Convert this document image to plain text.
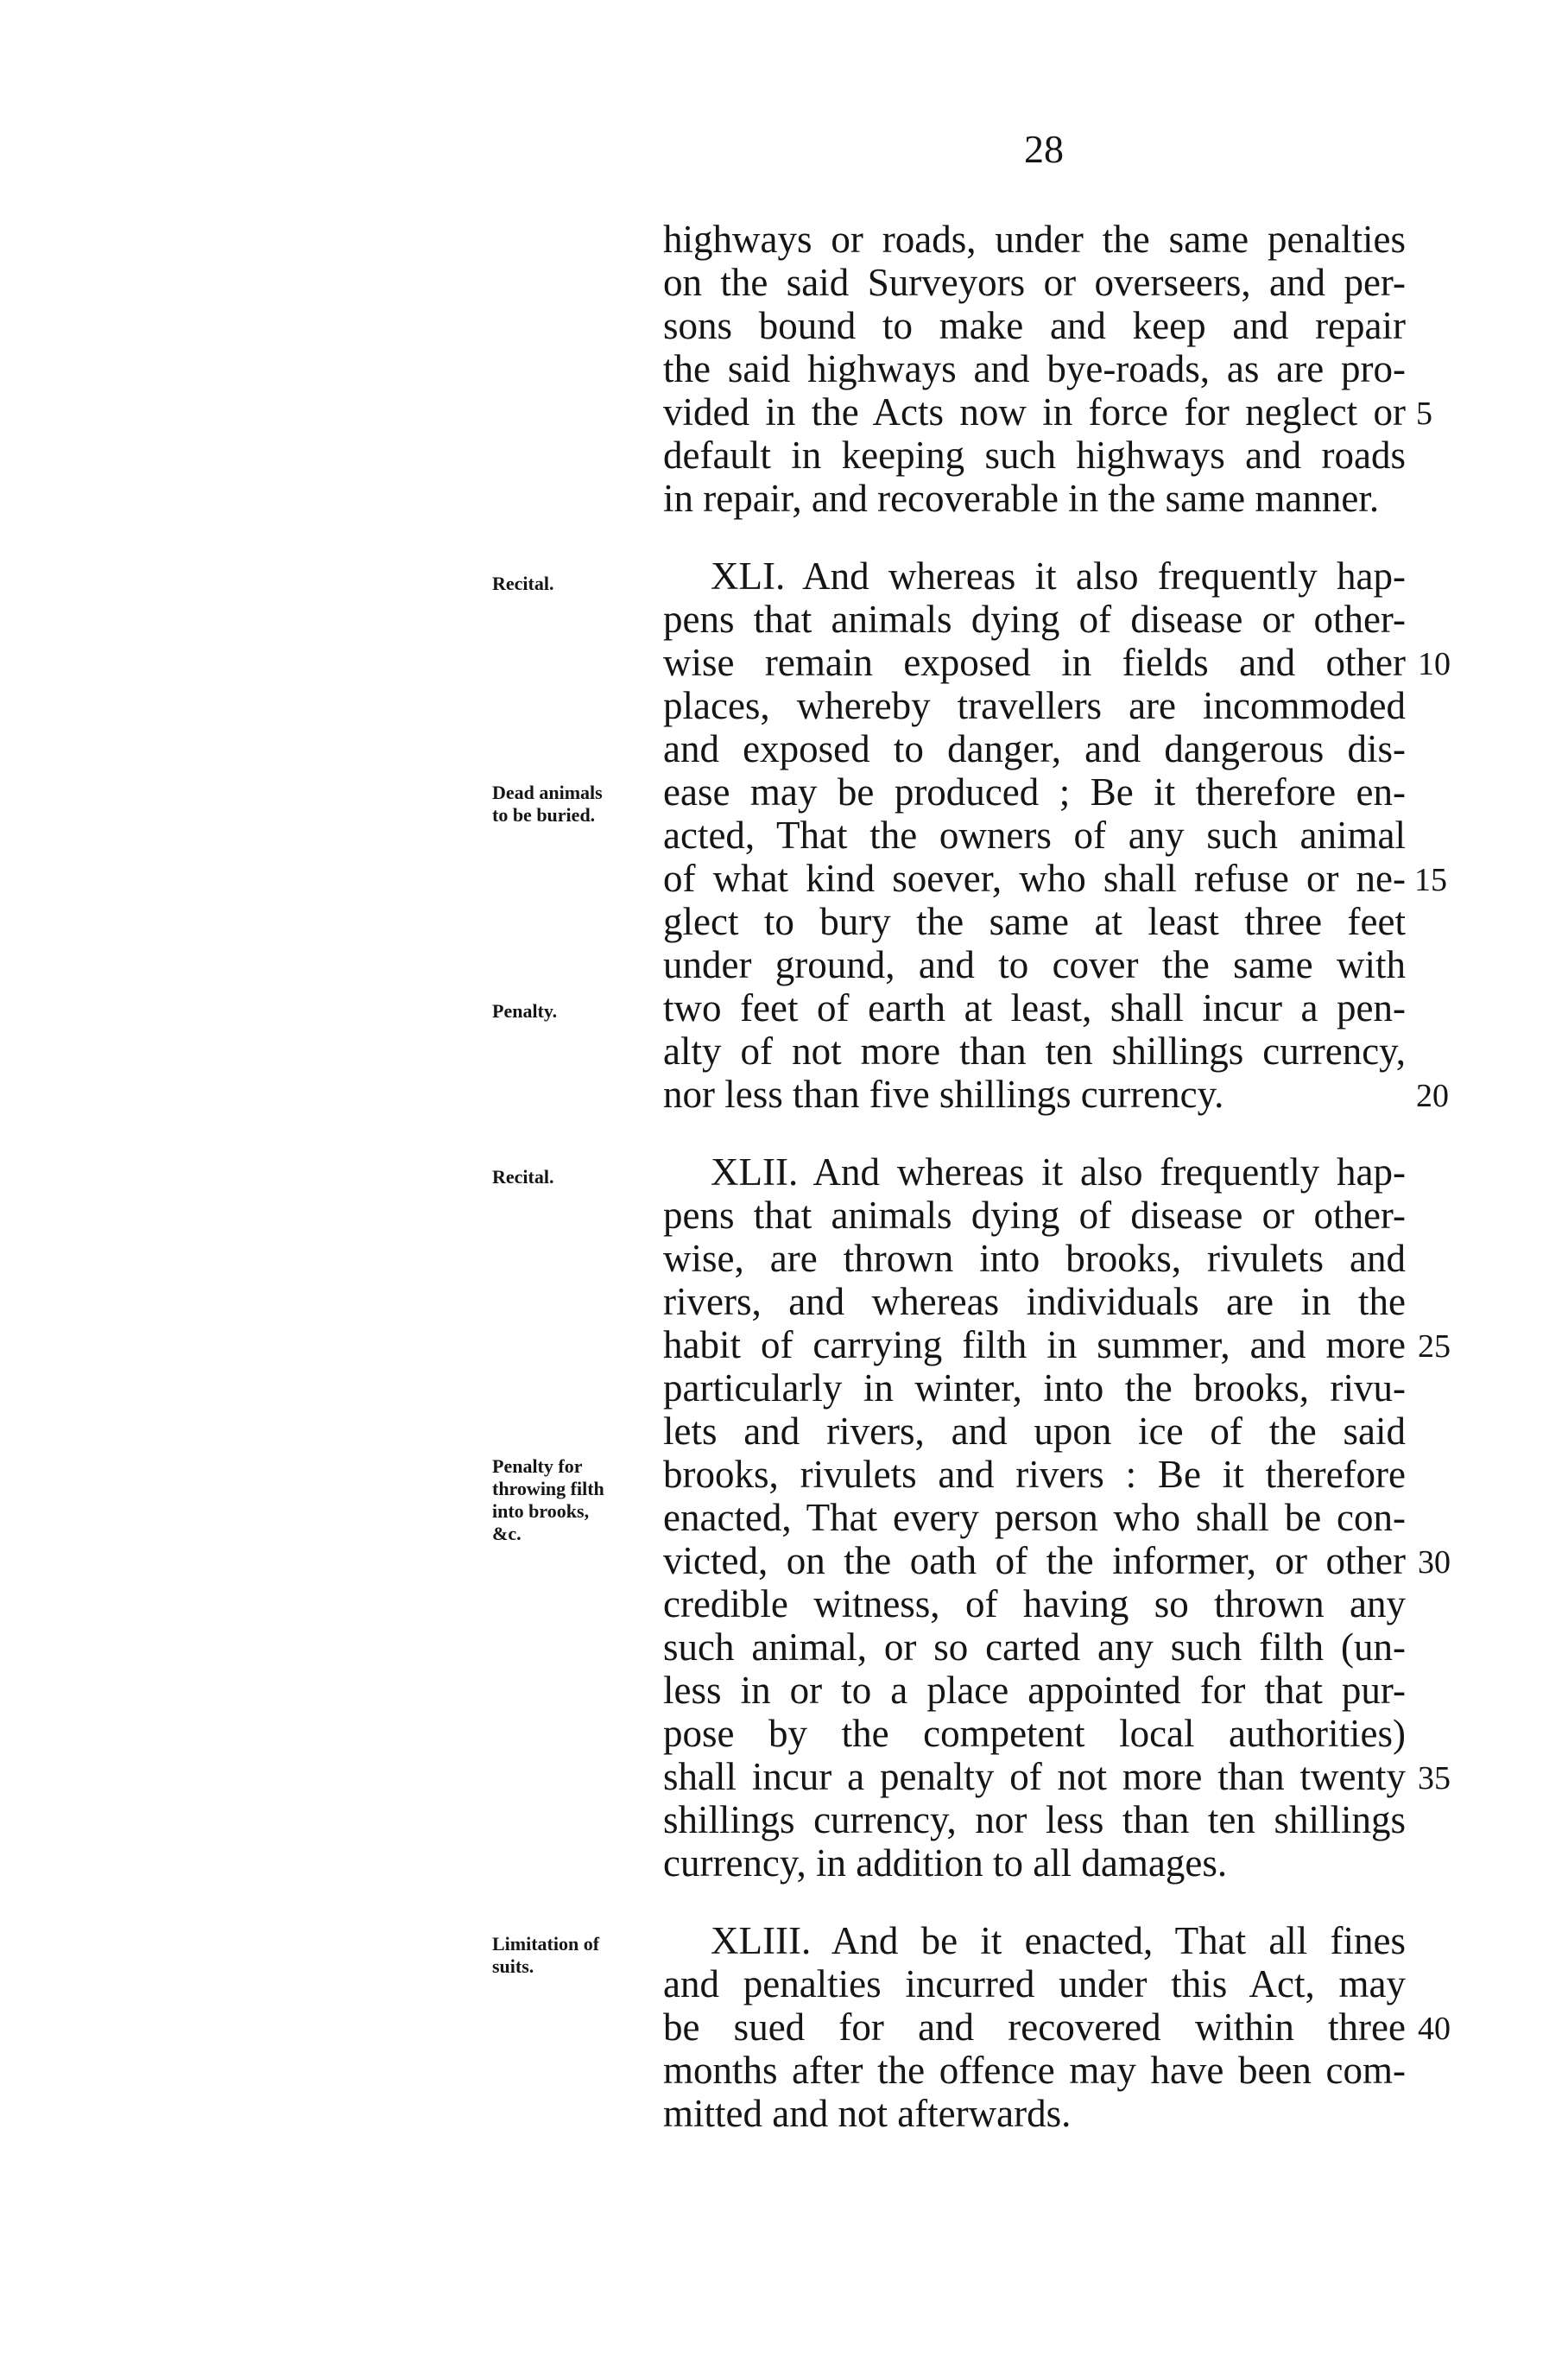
28
highways or roads, under the same penalties
on the said Surveyors or overseers, and per-
sons bound to make and keep and repair
the said highways and bye-roads, as are pro-
vided in the Acts now in force for neglect or
default in keeping such highways and roads
in repair, and recoverable in the same manner.
XLI. And whereas it also frequently hap-
pens that animals dying of disease or other-
wise remain exposed in fields and other
places, whereby travellers are incommoded
and exposed to danger, and dangerous dis-
ease may be produced ; Be it therefore en-
acted, That the owners of any such animal
of what kind soever, who shall refuse or ne-
glect to bury the same at least three feet
under ground, and to cover the same with
two feet of earth at least, shall incur a pen-
alty of not more than ten shillings currency,
nor less than five shillings currency.
XLII. And whereas it also frequently hap-
pens that animals dying of disease or other-
wise, are thrown into brooks, rivulets and
rivers, and whereas individuals are in the
habit of carrying filth in summer, and more
particularly in winter, into the brooks, rivu-
lets and rivers, and upon ice of the said
brooks, rivulets and rivers : Be it therefore
enacted, That every person who shall be con-
victed, on the oath of the informer, or other
credible witness, of having so thrown any
such animal, or so carted any such filth (un-
less in or to a place appointed for that pur-
pose by the competent local authorities)
shall incur a penalty of not more than twenty
shillings currency, nor less than ten shillings
currency, in addition to all damages.
XLIII. And be it enacted, That all fines
and penalties incurred under this Act, may
be sued for and recovered within three
months after the offence may have been com-
mitted and not afterwards.
Recital.
Dead animals
to be buried.
Penalty.
Recital.
Penalty for
throwing filth
into brooks,
&c.
Limitation of
suits.
5
10
15
20
25
30
35
40
